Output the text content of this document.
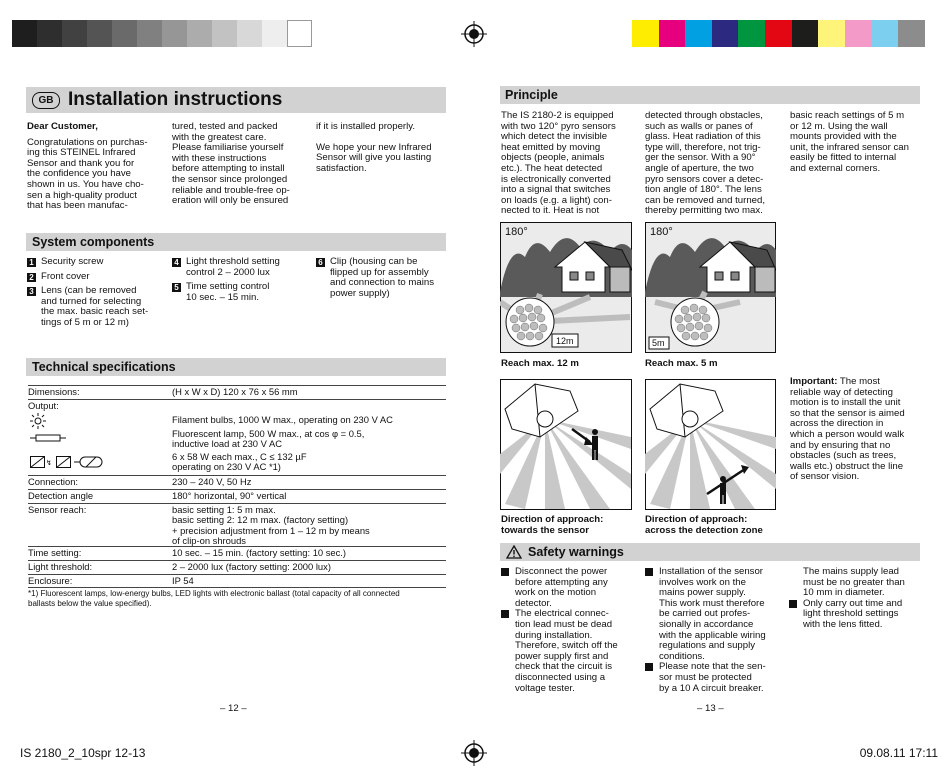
GB Installation instructions

Dear Customer,

Congratulations on purchas-
ing this STEINEL Infrared
Sensor and thank you for
the confidence you have
shown in us. You have cho-
sen a high-quality product
that has been manufac-
tured, tested and packed
with the greatest care.
Please familiarise yourself
with these instructions
before attempting to install
the sensor since prolonged
reliable and trouble-free op-
eration will only be ensured
if it is installed properly.
We hope your new Infrared
Sensor will give you lasting
satisfaction.
System components
1 Security screw
2 Front cover
3 Lens (can be removed
and turned for selecting
the max. basic reach set-
tings of 5 m or 12 m)
4 Light threshold setting
control 2 – 2000 lux
5 Time setting control
10 sec. – 15 min.
6 Clip (housing can be
flipped up for assembly
and connection to mains
power supply)
Technical specifications
Dimensions:	(H x W x D) 120 x 76 x 56 mm
Output:
Filament bulbs, 1000 W max., operating on 230 V AC
Fluorescent lamp, 500 W max., at cos φ = 0.5,
inductive load at 230 V AC
↯
6 x 58 W each max., C ≤ 132 µF
operating on 230 V AC *1)
Connection:	230 – 240 V, 50 Hz
Detection angle	180° horizontal, 90° vertical
Sensor reach:	basic setting 1: 5 m max.
basic setting 2: 12 m max. (factory setting)
+ precision adjustment from 1 – 12 m by means
of clip-on shrouds
Time setting:	10 sec. – 15 min. (factory setting: 10 sec.)
Light threshold:	2 – 2000 lux (factory setting: 2000 lux)
Enclosure:	IP 54
*1) Fluorescent lamps, low-energy bulbs, LED lights with electronic ballast (total capacity of all connected
ballasts below the value specified).
– 12 –
Principle
The IS 2180-2 is equipped
with two 120° pyro sensors
which detect the invisible
heat emitted by moving
objects (people, animals
etc.). The heat detected
is electronically converted
into a signal that switches
on loads (e.g. a light) con-
nected to it. Heat is not
detected through obstacles,
such as walls or panes of
glass. Heat radiation of this
type will, therefore, not trig-
ger the sensor. With a 90°
angle of aperture, the two
pyro sensors cover a detec-
tion angle of 180°. The lens
can be removed and turned,
thereby permitting two max.
basic reach settings of 5 m
or 12 m. Using the wall
mounts provided with the
unit, the infrared sensor can
easily be fitted to internal
and external corners.
180°
12m
Reach max. 12 m
180°
5m
Reach max. 5 m
Direction of approach:
towards the sensor
Direction of approach:
across the detection zone
Important: The most
reliable way of detecting
motion is to install the unit
so that the sensor is aimed
across the direction in
which a person would walk
and by ensuring that no
obstacles (such as trees,
walls etc.) obstruct the line
of sensor vision.
Safety warnings
Disconnect the power
before attempting any
work on the motion
detector.
The electrical connec-
tion lead must be dead
during installation.
Therefore, switch off the
power supply first and
check that the circuit is
disconnected using a
voltage tester.
Installation of the sensor
involves work on the
mains power supply.
This work must therefore
be carried out profes-
sionally in accordance
with the applicable wiring
regulations and supply
conditions.
Please note that the sen-
sor must be protected
by a 10 A circuit breaker.
The mains supply lead
must be no greater than
10 mm in diameter.
Only carry out time and
light threshold settings
with the lens fitted.
– 13 –
IS 2180_2_10spr 12-13	09.08.11 17:11
